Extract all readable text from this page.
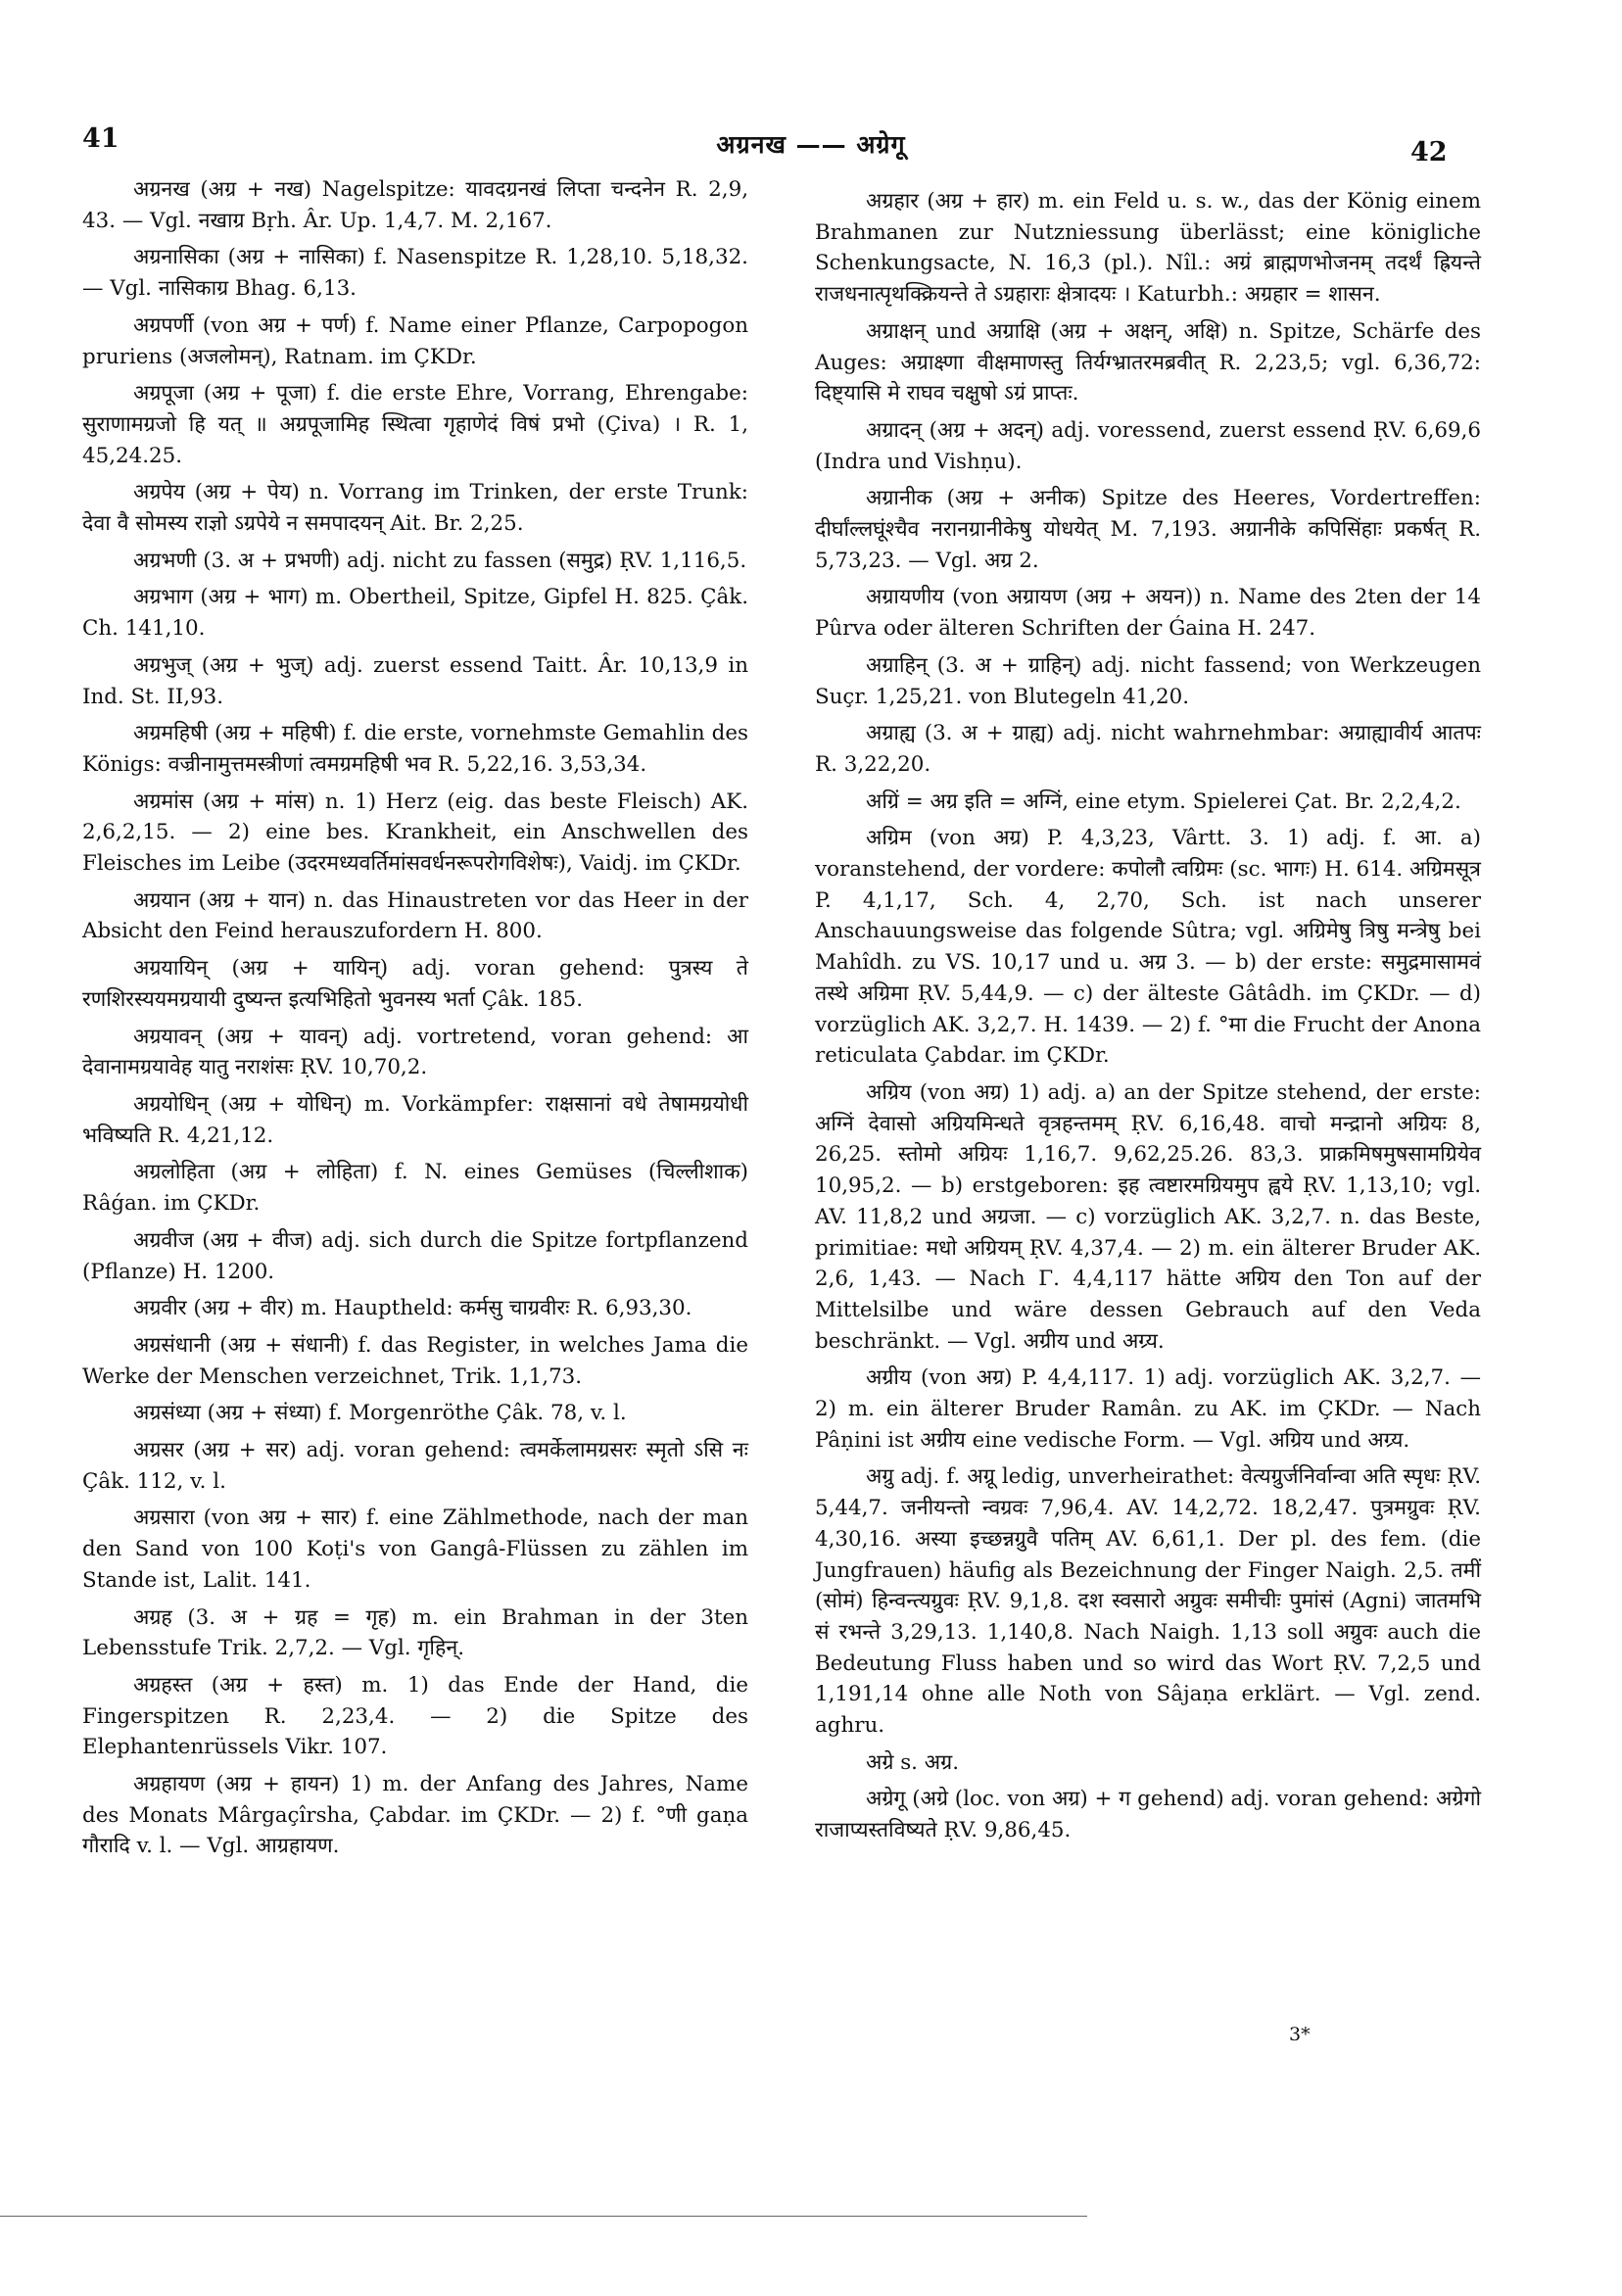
41	अग्रनख —— अग्रेगू	42

अग्रनख (अग्र + नख) Nagelspitze: यावदग्रनखं लिप्ता चन्दनेन R. 2,9, 43. — Vgl. नखाग्र Bṛh. Âr. Up. 1,4,7. M. 2,167.

अग्रनासिका (अग्र + नासिका) f. Nasenspitze R. 1,28,10. 5,18,32. — Vgl. नासिकाग्र Bhag. 6,13.

अग्रपर्णी (von अग्र + पर्ण) f. Name einer Pflanze, Carpopogon pruriens (अजलोमन्), Ratnam. im ÇKDr.

अग्रपूजा (अग्र + पूजा) f. die erste Ehre, Vorrang, Ehrengabe: सुराणामग्रजो हि यत् ॥ अग्रपूजामिह स्थित्वा गृहाणेदं विषं प्रभो (Çiva) । R. 1, 45,24.25.

अग्रपेय (अग्र + पेय) n. Vorrang im Trinken, der erste Trunk: देवा वै सोमस्य राज्ञो ऽग्रपेये न समपादयन् Ait. Br. 2,25.

अग्रभणी (3. अ + प्रभणी) adj. nicht zu fassen (समुद्र) ṚV. 1,116,5.

अग्रभाग (अग्र + भाग) m. Obertheil, Spitze, Gipfel H. 825. Çâk. Ch. 141,10.

अग्रभुज् (अग्र + भुज्) adj. zuerst essend Taitt. Âr. 10,13,9 in Ind. St. II,93.

अग्रमहिषी (अग्र + महिषी) f. die erste, vornehmste Gemahlin des Königs: वज्रीनामुत्तमस्त्रीणां त्वमग्रमहिषी भव R. 5,22,16. 3,53,34.

अग्रमांस (अग्र + मांस) n. 1) Herz (eig. das beste Fleisch) AK. 2,6,2,15. — 2) eine bes. Krankheit, ein Anschwellen des Fleisches im Leibe (उदरमध्यवर्तिमांसवर्धनरूपरोगविशेषः), Vaidj. im ÇKDr.

अग्रयान (अग्र + यान) n. das Hinaustreten vor das Heer in der Absicht den Feind herauszufordern H. 800.

अग्रयायिन् (अग्र + यायिन्) adj. voran gehend: पुत्रस्य ते रणशिरस्ययमग्रयायी दुष्यन्त इत्यभिहितो भुवनस्य भर्ता Çâk. 185.

अग्रयावन् (अग्र + यावन्) adj. vortretend, voran gehend: आ देवानामग्रयावेह यातु नराशंसः ṚV. 10,70,2.

अग्रयोधिन् (अग्र + योधिन्) m. Vorkämpfer: राक्षसानां वधे तेषामग्रयोधी भविष्यति R. 4,21,12.

अग्रलोहिता (अग्र + लोहिता) f. N. eines Gemüses (चिल्लीशाक) Râǵan. im ÇKDr.

अग्रवीज (अग्र + वीज) adj. sich durch die Spitze fortpflanzend (Pflanze) H. 1200.

अग्रवीर (अग्र + वीर) m. Hauptheld: कर्मसु चाग्रवीरः R. 6,93,30.

अग्रसंधानी (अग्र + संधानी) f. das Register, in welches Jama die Werke der Menschen verzeichnet, Trik. 1,1,73.

अग्रसंध्या (अग्र + संध्या) f. Morgenröthe Çâk. 78, v. l.

अग्रसर (अग्र + सर) adj. voran gehend: त्वमर्केलामग्रसरः स्मृतो ऽसि नः Çâk. 112, v. l.

अग्रसारा (von अग्र + सार) f. eine Zählmethode, nach der man den Sand von 100 Koṭi's von Gangâ-Flüssen zu zählen im Stande ist, Lalit. 141.

अग्रह (3. अ + ग्रह = गृह) m. ein Brahman in der 3ten Lebensstufe Trik. 2,7,2. — Vgl. गृहिन्.

अग्रहस्त (अग्र + हस्त) m. 1) das Ende der Hand, die Fingerspitzen R. 2,23,4. — 2) die Spitze des Elephantenrüssels Vikr. 107.

अग्रहायण (अग्र + हायन) 1) m. der Anfang des Jahres, Name des Monats Mârgaçîrsha, Çabdar. im ÇKDr. — 2) f. °णी gaṇa गौरादि v. l. — Vgl. आग्रहायण.

अग्रहार (अग्र + हार) m. ein Feld u. s. w., das der König einem Brahmanen zur Nutzniessung überlässt; eine königliche Schenkungsacte, N. 16,3 (pl.). Nîl.: अग्रं ब्राह्मणभोजनम् तदर्थं ह्रियन्ते राजधनात्पृथक्क्रियन्ते ते ऽग्रहाराः क्षेत्रादयः । Katurbh.: अग्रहार = शासन.

अग्राक्षन् und अग्राक्षि (अग्र + अक्षन्, अक्षि) n. Spitze, Schärfe des Auges: अग्राक्ष्णा वीक्षमाणस्तु तिर्यग्भ्रातरमब्रवीत् R. 2,23,5; vgl. 6,36,72: दिष्ट्यासि मे राघव चक्षुषो ऽग्रं प्राप्तः.

अग्रादन् (अग्र + अदन्) adj. voressend, zuerst essend ṚV. 6,69,6 (Indra und Vishṇu).

अग्रानीक (अग्र + अनीक) Spitze des Heeres, Vordertreffen: दीर्घांल्लघूंश्चैव नरानग्रानीकेषु योधयेत् M. 7,193. अग्रानीके कपिसिंहाः प्रकर्षत् R. 5,73,23. — Vgl. अग्र 2.

अग्रायणीय (von अग्रायण (अग्र + अयन)) n. Name des 2ten der 14 Pûrva oder älteren Schriften der Ǵaina H. 247.

अग्राहिन् (3. अ + ग्राहिन्) adj. nicht fassend; von Werkzeugen Suçr. 1,25,21. von Blutegeln 41,20.

अग्राह्य (3. अ + ग्राह्य) adj. nicht wahrnehmbar: अग्राह्यावीर्य आतपः R. 3,22,20.

अग्रिं = अग्र इति = अग्निं, eine etym. Spielerei Çat. Br. 2,2,4,2.

अग्रिम (von अग्र) P. 4,3,23, Vârtt. 3. 1) adj. f. आ. a) voranstehend, der vordere: कपोलौ त्वग्रिमः (sc. भागः) H. 614. अग्रिमसूत्र P. 4,1,17, Sch. 4, 2,70, Sch. ist nach unserer Anschauungsweise das folgende Sûtra; vgl. अग्रिमेषु त्रिषु मन्त्रेषु bei Mahîdh. zu VS. 10,17 und u. अग्र 3. — b) der erste: समुद्रमासामवं तस्थे अग्रिमा ṚV. 5,44,9. — c) der älteste Gâtâdh. im ÇKDr. — d) vorzüglich AK. 3,2,7. H. 1439. — 2) f. °मा die Frucht der Anona reticulata Çabdar. im ÇKDr.

अग्रिय (von अग्र) 1) adj. a) an der Spitze stehend, der erste: अग्निं देवासो अग्रियमिन्धते वृत्रहन्तमम् ṚV. 6,16,48. वाचो मन्द्रानो अग्रियः 8, 26,25. स्तोमो अग्रियः 1,16,7. 9,62,25.26. 83,3. प्राक्रमिषमुषसामग्रियेव 10,95,2. — b) erstgeboren: इह त्वष्टारमग्रियमुप ह्वये ṚV. 1,13,10; vgl. AV. 11,8,2 und अग्रजा. — c) vorzüglich AK. 3,2,7. n. das Beste, primitiae: मधो अग्रियम् ṚV. 4,37,4. — 2) m. ein älterer Bruder AK. 2,6, 1,43. — Nach Γ. 4,4,117 hätte अग्रिय den Ton auf der Mittelsilbe und wäre dessen Gebrauch auf den Veda beschränkt. — Vgl. अग्रीय und अग्र्य.

अग्रीय (von अग्र) P. 4,4,117. 1) adj. vorzüglich AK. 3,2,7. — 2) m. ein älterer Bruder Ramân. zu AK. im ÇKDr. — Nach Pâṇini ist अग्रीय eine vedische Form. — Vgl. अग्रिय und अग्र्य.

अग्रु adj. f. अग्रू ledig, unverheirathet: वेत्यग्रुर्जनिर्वान्वा अति स्पृधः ṚV. 5,44,7. जनीयन्तो न्वग्रवः 7,96,4. AV. 14,2,72. 18,2,47. पुत्रमग्रुवः ṚV. 4,30,16. अस्या इच्छन्नग्रुवै पतिम् AV. 6,61,1. Der pl. des fem. (die Jungfrauen) häufig als Bezeichnung der Finger Naigh. 2,5. तमीं (सोमं) हिन्वन्त्यग्रुवः ṚV. 9,1,8. दश स्वसारो अग्रुवः समीचीः पुमांसं (Agni) जातमभि सं रभन्ते 3,29,13. 1,140,8. Nach Naigh. 1,13 soll अग्रुवः auch die Bedeutung Fluss haben und so wird das Wort ṚV. 7,2,5 und 1,191,14 ohne alle Noth von Sâjaṇa erklärt. — Vgl. zend. aghru.

अग्रे s. अग्र.

अग्रेगू (अग्रे (loc. von अग्र) + ग gehend) adj. voran gehend: अग्रेगो राजाप्यस्तविष्यते ṚV. 9,86,45.

3*
